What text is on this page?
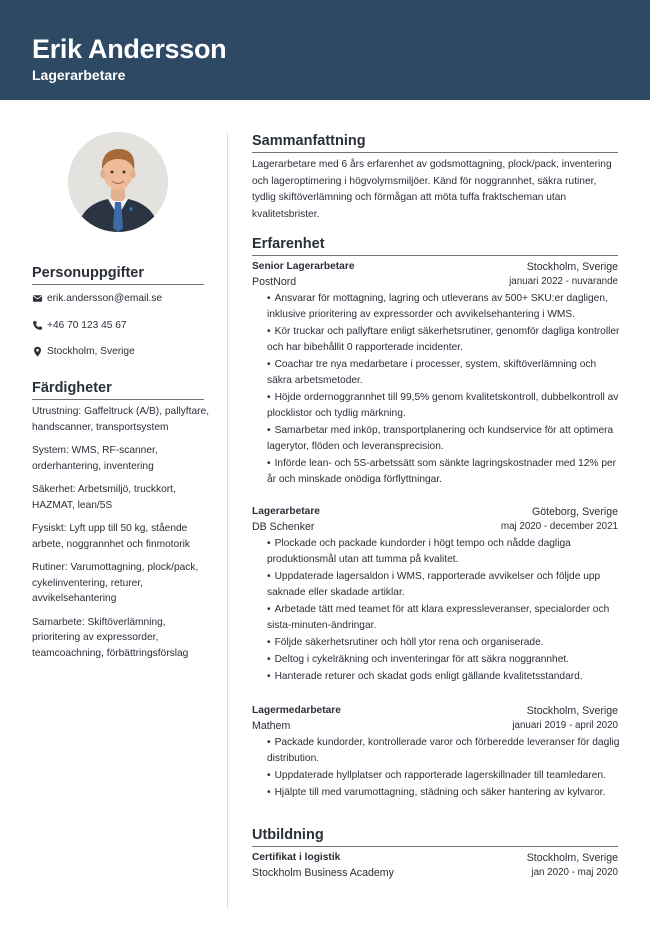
Erik Andersson
Lagerarbetare
Personuppgifter
erik.andersson@email.se
+46 70 123 45 67
Stockholm, Sverige
Färdigheter
Utrustning: Gaffeltruck (A/B), pallyftare, handscanner, transportsystem
System: WMS, RF-scanner, orderhantering, inventering
Säkerhet: Arbetsmiljö, truckkort, HAZMAT, lean/5S
Fysiskt: Lyft upp till 50 kg, stående arbete, noggrannhet och finmotorik
Rutiner: Varumottagning, plock/pack, cykelinventering, returer, avvikelsehantering
Samarbete: Skiftöverlämning, prioritering av expressorder, teamcoachning, förbättringsförslag
Sammanfattning
Lagerarbetare med 6 års erfarenhet av godsmottagning, plock/pack, inventering och lageroptimering i högvolymsmiljöer. Känd för noggrannhet, säkra rutiner, tydlig skiftöverlämning och förmågan att möta tuffa fraktscheman utan kvalitetsbrister.
Erfarenhet
Senior Lagerarbetare	Stockholm, Sverige
PostNord	januari 2022 - nuvarande
• Ansvarar för mottagning, lagring och utleverans av 500+ SKU:er dagligen, inklusive prioritering av expressorder och avvikelsehantering i WMS.
• Kör truckar och pallyftare enligt säkerhetsrutiner, genomför dagliga kontroller och har bibehållit 0 rapporterade incidenter.
• Coachar tre nya medarbetare i processer, system, skiftöverlämning och säkra arbetsmetoder.
• Höjde ordernoggrannhet till 99,5% genom kvalitetskontroll, dubbelkontroll av plocklistor och tydlig märkning.
• Samarbetar med inköp, transportplanering och kundservice för att optimera lagerytor, flöden och leveransprecision.
• Införde lean- och 5S-arbetssätt som sänkte lagringskostnader med 12% per år och minskade onödiga förflyttningar.
Lagerarbetare	Göteborg, Sverige
DB Schenker	maj 2020 - december 2021
• Plockade och packade kundorder i högt tempo och nådde dagliga produktionsmål utan att tumma på kvalitet.
• Uppdaterade lagersaldon i WMS, rapporterade avvikelser och följde upp saknade eller skadade artiklar.
• Arbetade tätt med teamet för att klara expressleveranser, specialorder och sista-minuten-ändringar.
• Följde säkerhetsrutiner och höll ytor rena och organiserade.
• Deltog i cykelräkning och inventeringar för att säkra noggrannhet.
• Hanterade returer och skadat gods enligt gällande kvalitetsstandard.
Lagermedarbetare	Stockholm, Sverige
Mathem	januari 2019 - april 2020
• Packade kundorder, kontrollerade varor och förberedde leveranser för daglig distribution.
• Uppdaterade hyllplatser och rapporterade lagerskillnader till teamledaren.
• Hjälpte till med varumottagning, städning och säker hantering av kylvaror.
Utbildning
Certifikat i logistik	Stockholm, Sverige
Stockholm Business Academy	jan 2020 - maj 2020
